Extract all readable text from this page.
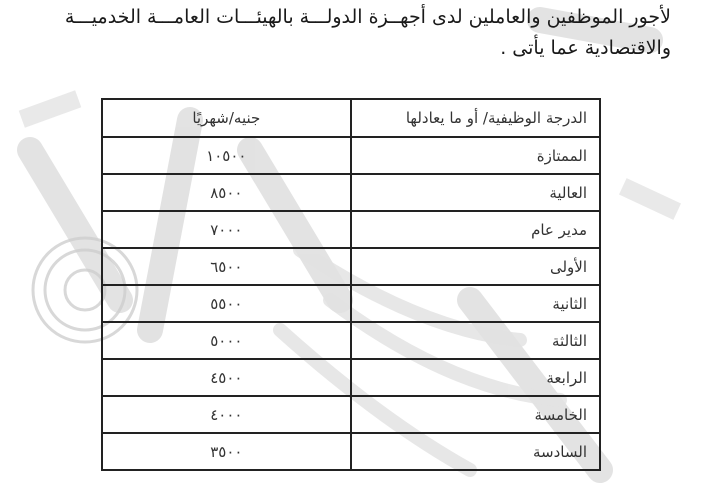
لأجور الموظفين والعاملين لدى أجهــزة الدولـــة بالهيئـــات العامـــة الخدميـــة
والاقتصادية عما يأتى .
الدرجة الوظيفية/ أو ما يعادلها	جنيه/شهريًا
الممتازة	١٠٥٠٠
العالية	٨٥٠٠
مدير عام	٧٠٠٠
الأولى	٦٥٠٠
الثانية	٥٥٠٠
الثالثة	٥٠٠٠
الرابعة	٤٥٠٠
الخامسة	٤٠٠٠
السادسة	٣٥٠٠
